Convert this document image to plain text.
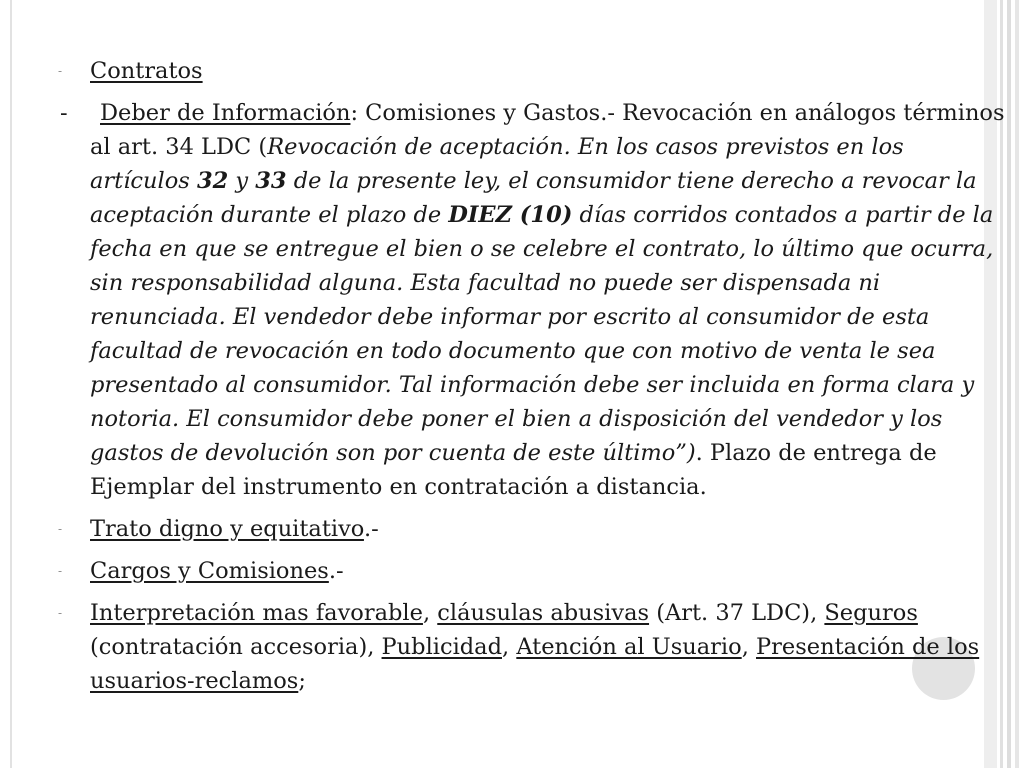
- Contratos
- Deber de Información: Comisiones y Gastos.- Revocación en análogos términos al art. 34 LDC (Revocación de aceptación. En los casos previstos en los artículos 32 y 33 de la presente ley, el consumidor tiene derecho a revocar la aceptación durante el plazo de DIEZ (10) días corridos contados a partir de la fecha en que se entregue el bien o se celebre el contrato, lo último que ocurra, sin responsabilidad alguna. Esta facultad no puede ser dispensada ni renunciada. El vendedor debe informar por escrito al consumidor de esta facultad de revocación en todo documento que con motivo de venta le sea presentado al consumidor. Tal información debe ser incluida en forma clara y notoria. El consumidor debe poner el bien a disposición del vendedor y los gastos de devolución son por cuenta de este último”). Plazo de entrega de Ejemplar del instrumento en contratación a distancia.
- Trato digno y equitativo.-
- Cargos y Comisiones.-
- Interpretación mas favorable, cláusulas abusivas (Art. 37 LDC), Seguros (contratación accesoria), Publicidad, Atención al Usuario, Presentación de los usuarios-reclamos;
